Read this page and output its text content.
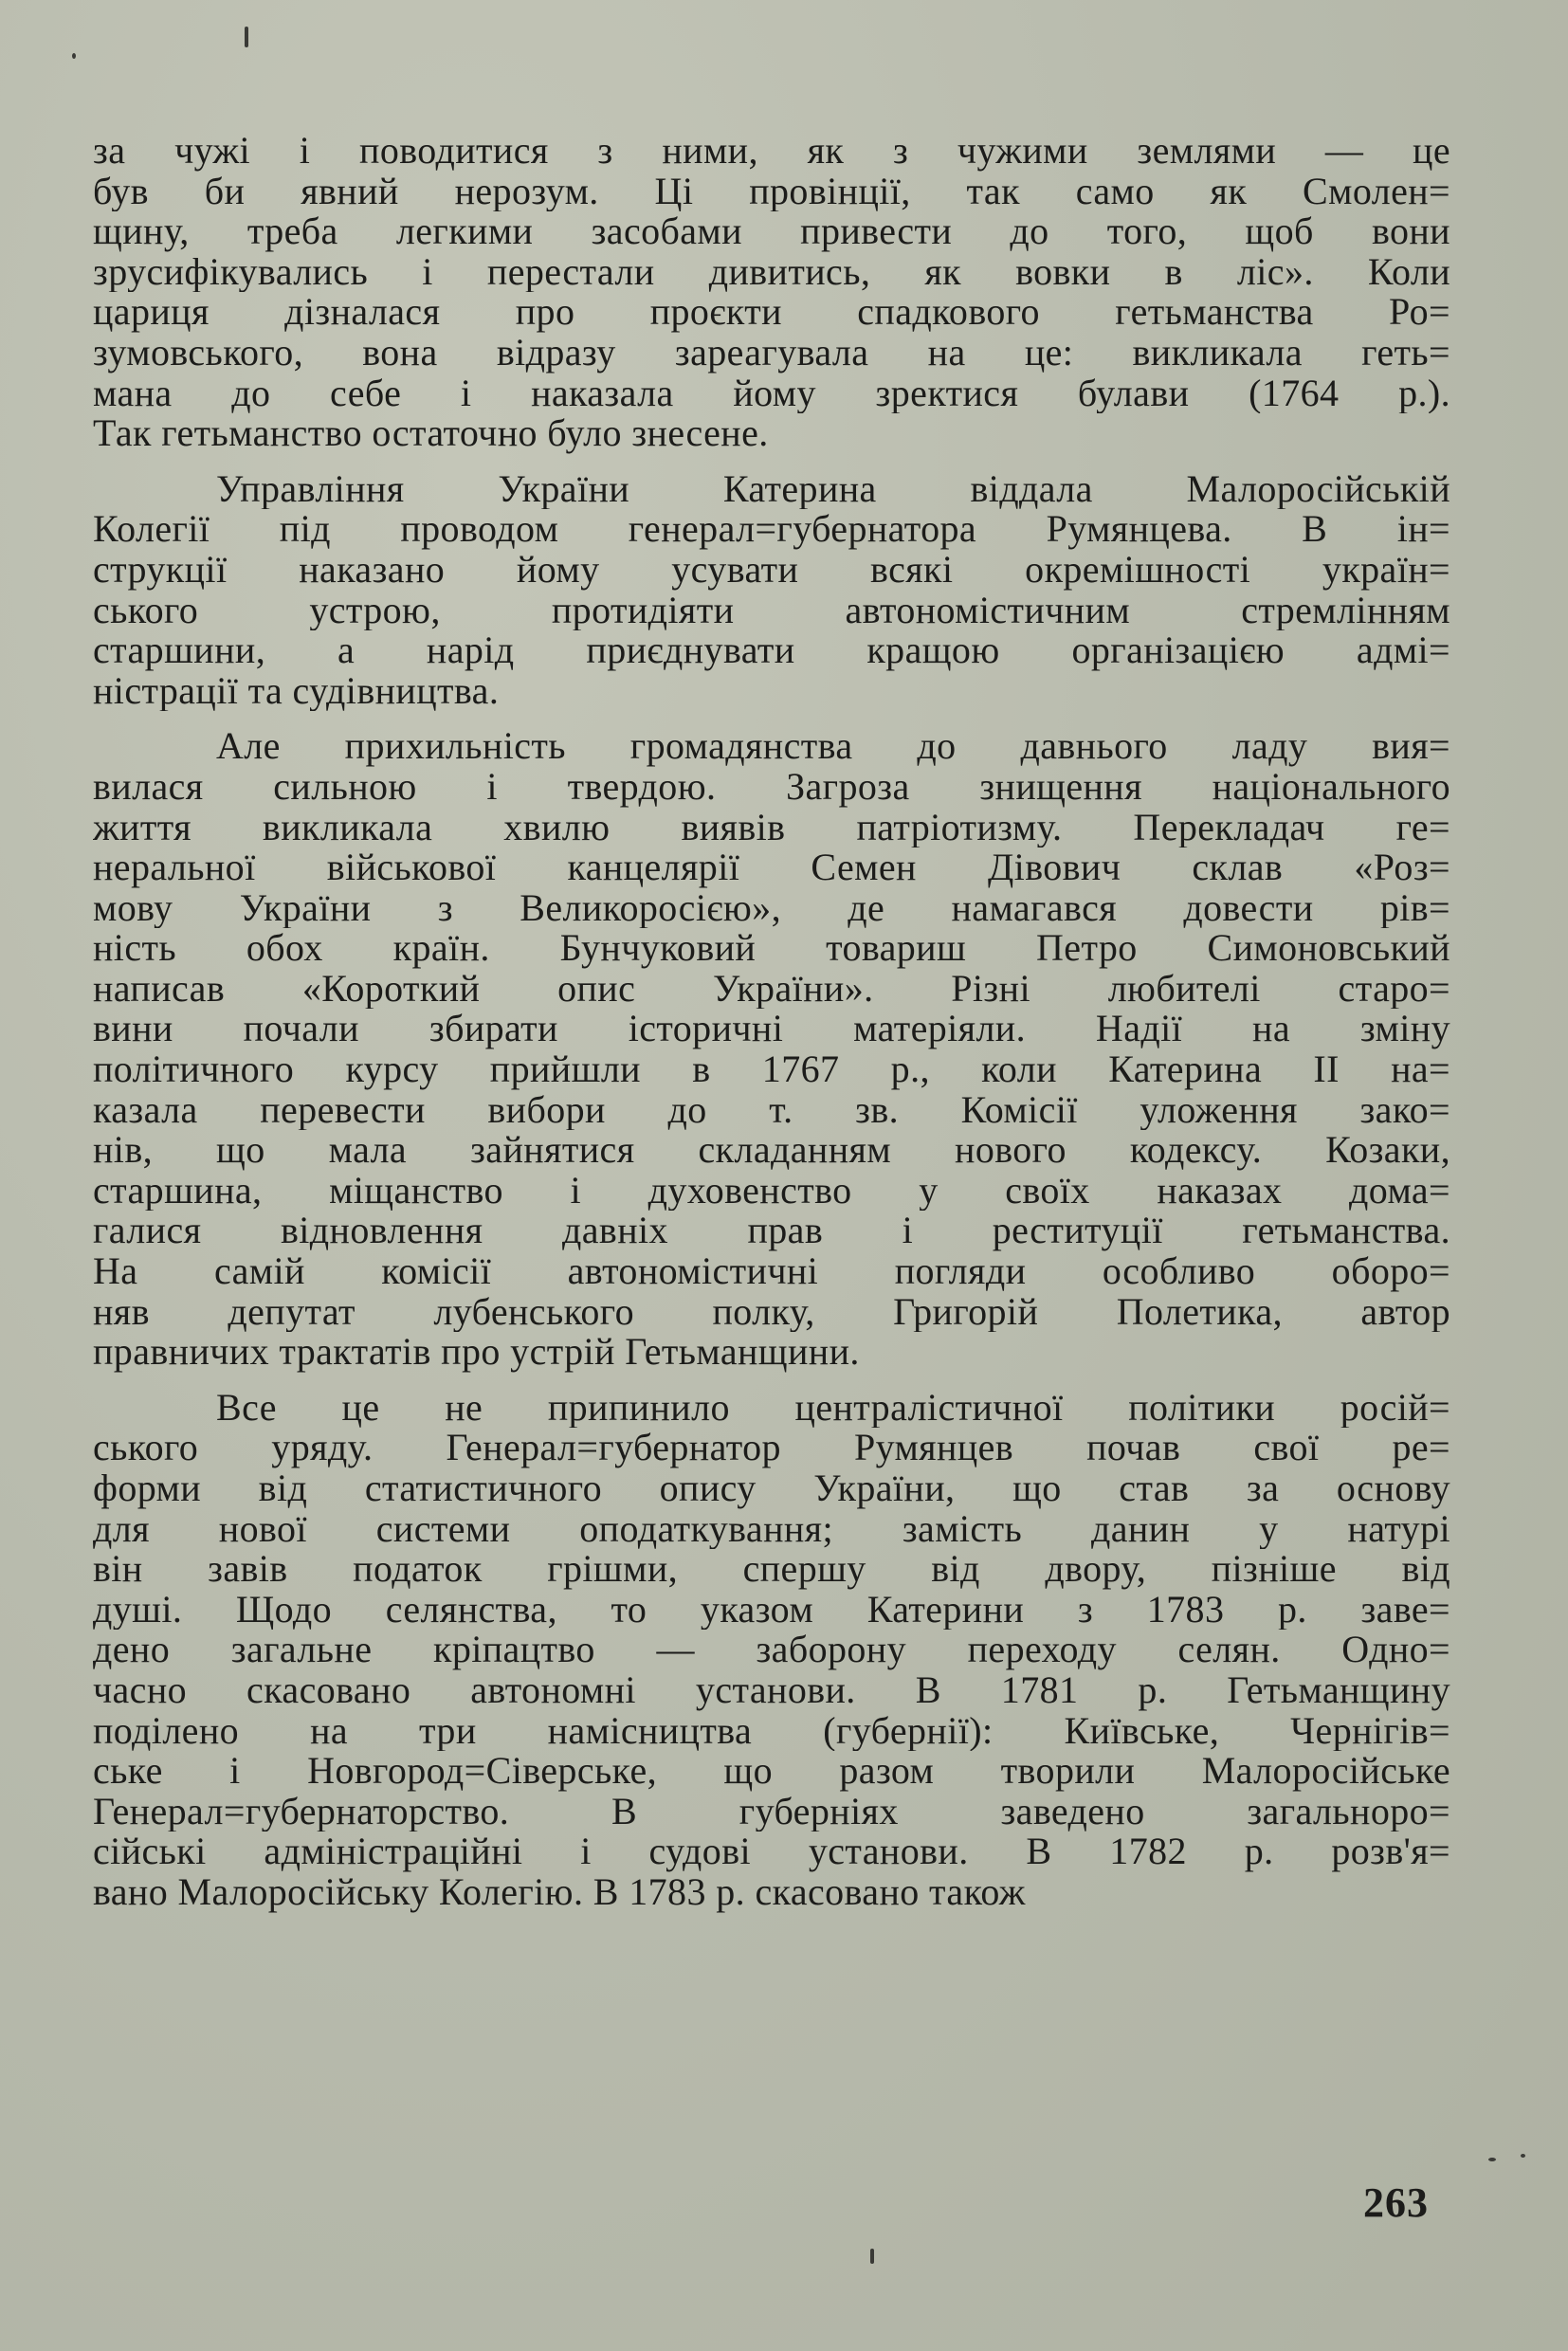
за чужі і поводитися з ними, як з чужими землями — це
був би явний нерозум. Ці провінції, так само як Смолен=
щину, треба легкими засобами привести до того, щоб вони
зрусифікувались і перестали дивитись, як вовки в ліс». Коли
цариця дізналася про проєкти спадкового гетьманства Ро=
зумовського, вона відразу зареагувала на це: викликала геть=
мана до себе і наказала йому зректися булави (1764 р.).
Так гетьманство остаточно було знесене.
Управління України Катерина віддала Малоросійській
Колегії під проводом генерал=губернатора Румянцева. В ін=
струкції наказано йому усувати всякі окремішності україн=
ського устрою, протидіяти автономістичним стремлінням
старшини, а нарід приєднувати кращою організацією адмі=
ністрації та судівництва.
Але прихильність громадянства до давнього ладу вия=
вилася сильною і твердою. Загроза знищення національного
життя викликала хвилю виявів патріотизму. Перекладач ге=
неральної військової канцелярії Семен Дівович склав «Роз=
мову України з Великоросією», де намагався довести рів=
ність обох країн. Бунчуковий товариш Петро Симоновський
написав «Короткий опис України». Різні любителі старо=
вини почали збирати історичні матеріяли. Надії на зміну
політичного курсу прийшли в 1767 р., коли Катерина II на=
казала перевести вибори до т. зв. Комісії уложення зако=
нів, що мала зайнятися складанням нового кодексу. Козаки,
старшина, міщанство і духовенство у своїх наказах дома=
галися відновлення давніх прав і реституції гетьманства.
На самій комісії автономістичні погляди особливо оборо=
няв депутат лубенського полку, Григорій Полетика, автор
правничих трактатів про устрій Гетьманщини.
Все це не припинило централістичної політики росій=
ського уряду. Генерал=губернатор Румянцев почав свої ре=
форми від статистичного опису України, що став за основу
для нової системи оподаткування; замість данин у натурі
він завів податок грішми, спершу від двору, пізніше від
душі. Щодо селянства, то указом Катерини з 1783 р. заве=
дено загальне кріпацтво — заборону переходу селян. Одно=
часно скасовано автономні установи. В 1781 р. Гетьманщину
поділено на три намісництва (губернії): Київське, Чернігів=
ське і Новгород=Сіверське, що разом творили Малоросійське
Генерал=губернаторство. В губерніях заведено загальноро=
сійські адміністраційні і судові установи. В 1782 р. розв'я=
вано Малоросійську Колегію. В 1783 р. скасовано також
263
